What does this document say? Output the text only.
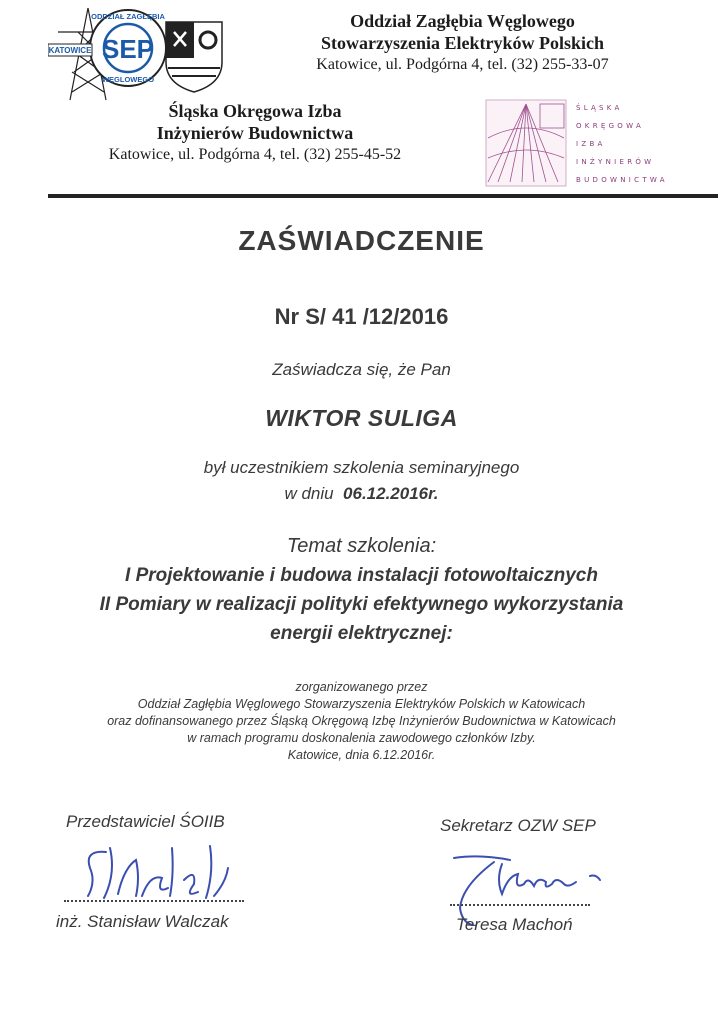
SEP
ODDZIAŁ ZAGŁĘBIA
WĘGLOWEGO
KATOWICE
Oddział Zagłębia Węglowego
Stowarzyszenia Elektryków Polskich
Katowice, ul. Podgórna 4, tel. (32) 255-33-07
Śląska Okręgowa Izba
Inżynierów Budownictwa
Katowice, ul. Podgórna 4, tel. (32) 255-45-52
ŚLĄSKA
OKRĘGOWA
IZBA
INŻYNIERÓW
BUDOWNICTWA
ZAŚWIADCZENIE
Nr S/ 41 /12/2016
Zaświadcza się, że Pan
WIKTOR SULIGA
był uczestnikiem szkolenia seminaryjnego
w dniu 06.12.2016r.
Temat szkolenia:
I Projektowanie i budowa instalacji fotowoltaicznych
II Pomiary w realizacji polityki efektywnego wykorzystania
energii elektrycznej:
zorganizowanego przez
Oddział Zagłębia Węglowego Stowarzyszenia Elektryków Polskich w Katowicach
oraz dofinansowanego przez Śląską Okręgową Izbę Inżynierów Budownictwa w Katowicach
w ramach programu doskonalenia zawodowego członków Izby.
Katowice, dnia 6.12.2016r.
Przedstawiciel ŚOIIB
inż. Stanisław Walczak
Sekretarz OZW SEP
Teresa Machoń
